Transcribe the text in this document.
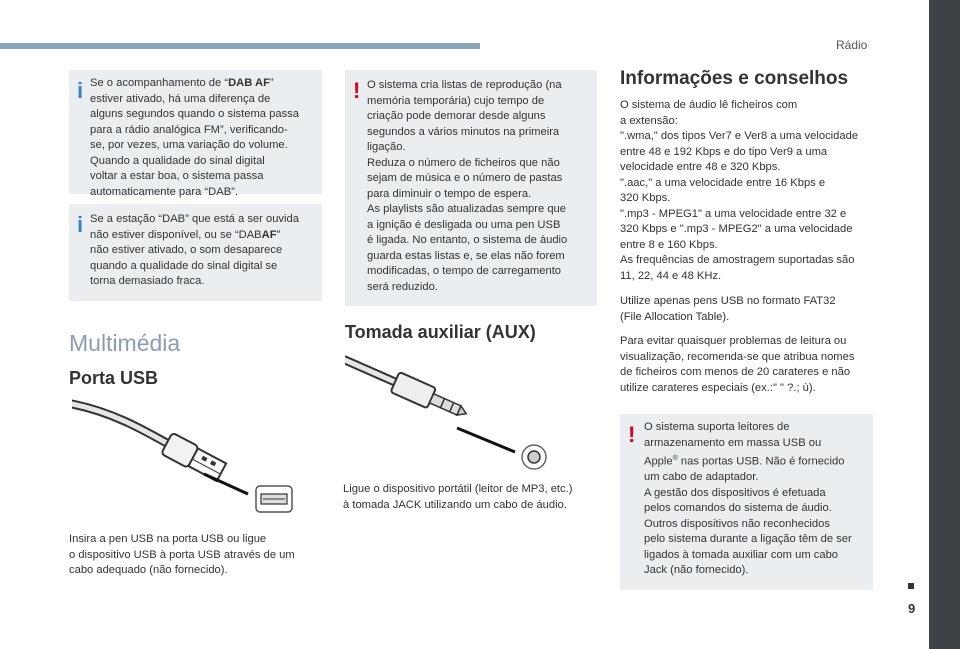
Rádio
9
i Se o acompanhamento de “DAB AF”
estiver ativado, há uma diferença de
alguns segundos quando o sistema passa
para a rádio analógica FM”, verificando-
se, por vezes, uma variação do volume.
Quando a qualidade do sinal digital
voltar a estar boa, o sistema passa
automaticamente para “DAB”.
i Se a estação “DAB” que está a ser ouvida
não estiver disponível, ou se “DABAF”
não estiver ativado, o som desaparece
quando a qualidade do sinal digital se
torna demasiado fraca.
Multimédia
Porta USB
Insira a pen USB na porta USB ou ligue
o dispositivo USB à porta USB através de um
cabo adequado (não fornecido).
! O sistema cria listas de reprodução (na
memória temporária) cujo tempo de
criação pode demorar desde alguns
segundos a vários minutos na primeira
ligação.
Reduza o número de ficheiros que não
sejam de música e o número de pastas
para diminuir o tempo de espera.
As playlists são atualizadas sempre que
a ignição é desligada ou uma pen USB
é ligada. No entanto, o sistema de áudio
guarda estas listas e, se elas não forem
modificadas, o tempo de carregamento
será reduzido.
Tomada auxiliar (AUX)
Ligue o dispositivo portátil (leitor de MP3, etc.)
à tomada JACK utilizando um cabo de áudio.
Informações e conselhos
O sistema de áudio lê ficheiros com
a extensão:
".wma," dos tipos Ver7 e Ver8 a uma velocidade
entre 48 e 192 Kbps e do tipo Ver9 a uma
velocidade entre 48 e 320 Kbps.
".aac," a uma velocidade entre 16 Kbps e
320 Kbps.
".mp3 - MPEG1" a uma velocidade entre 32 e
320 Kbps e ".mp3 - MPEG2" a uma velocidade
entre 8 e 160 Kbps.
As frequências de amostragem suportadas são
11, 22, 44 e 48 KHz.
Utilize apenas pens USB no formato FAT32
(File Allocation Table).
Para evitar quaisquer problemas de leitura ou
visualização, recomenda-se que atribua nomes
de ficheiros com menos de 20 carateres e não
utilize carateres especiais (ex.:" " ?.; ù).
! O sistema suporta leitores de
armazenamento em massa USB ou
Apple® nas portas USB. Não é fornecido
um cabo de adaptador.
A gestão dos dispositivos é efetuada
pelos comandos do sistema de áudio.
Outros dispositivos não reconhecidos
pelo sistema durante a ligação têm de ser
ligados à tomada auxiliar com um cabo
Jack (não fornecido).
